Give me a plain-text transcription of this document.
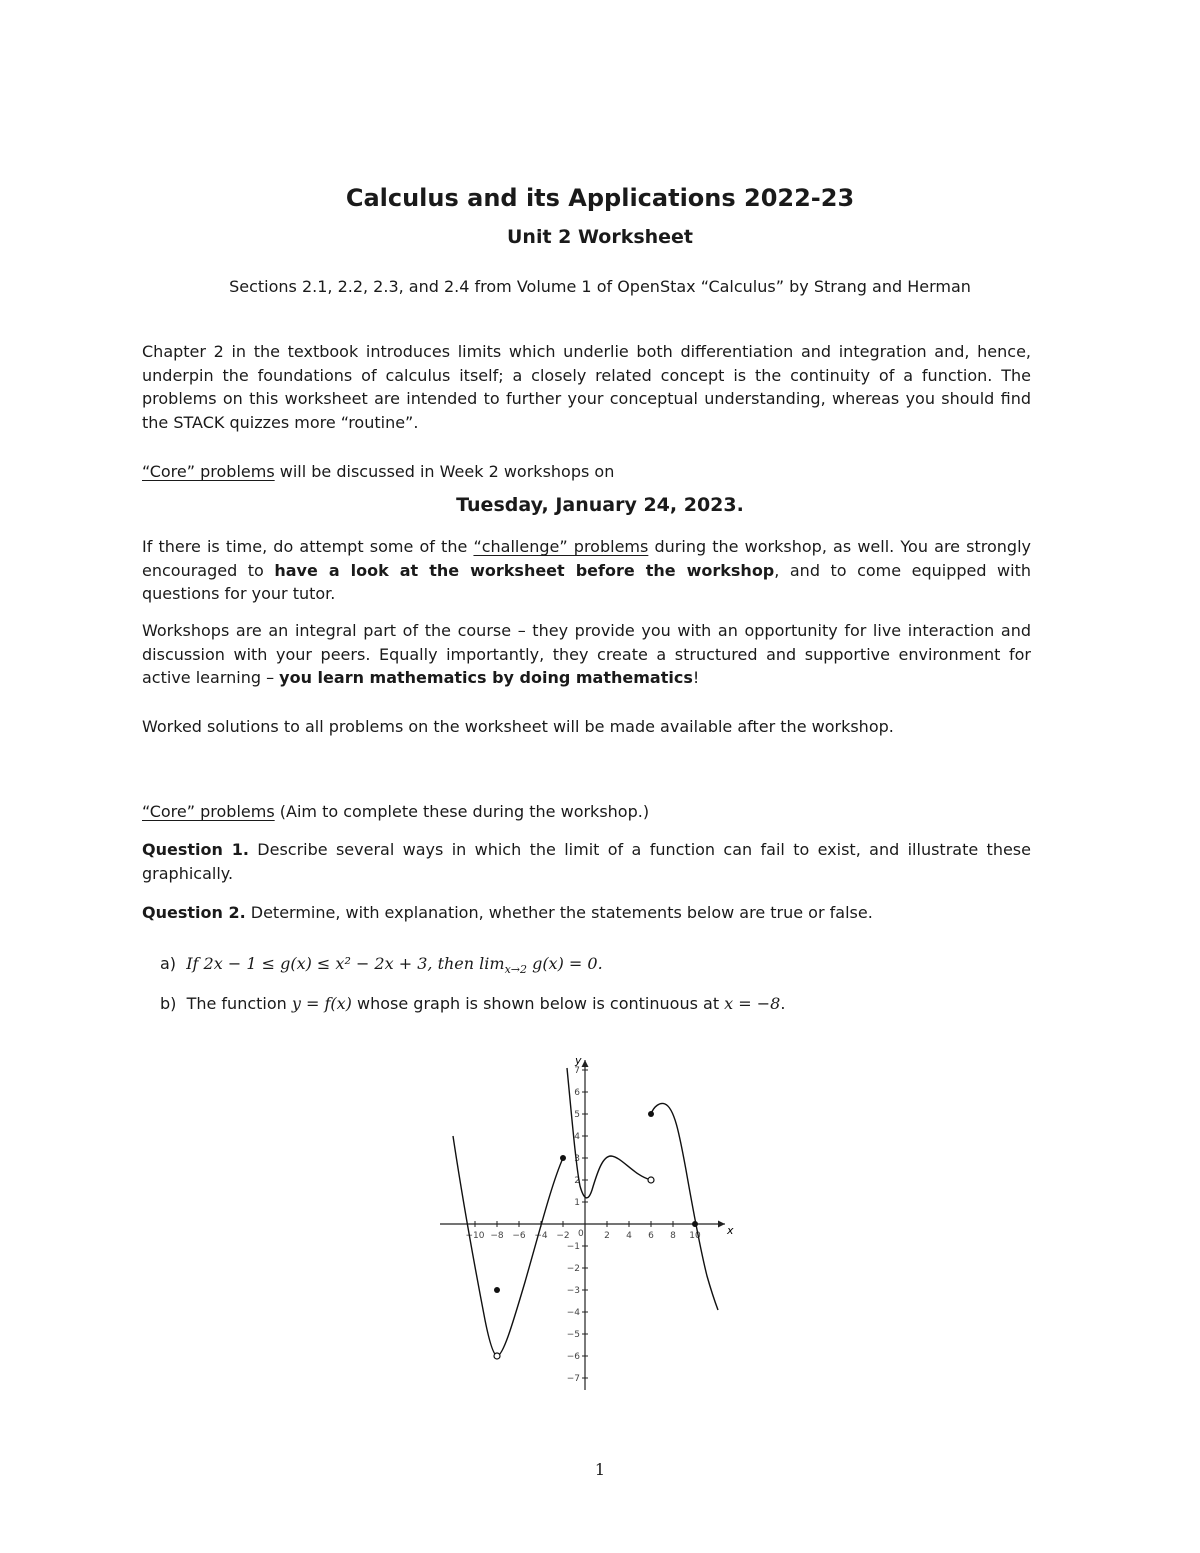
Calculus and its Applications 2022-23
Unit 2 Worksheet
Sections 2.1, 2.2, 2.3, and 2.4 from Volume 1 of OpenStax “Calculus” by Strang and Herman
Chapter 2 in the textbook introduces limits which underlie both differentiation and integration and, hence, underpin the foundations of calculus itself; a closely related concept is the continuity of a function. The problems on this worksheet are intended to further your conceptual understanding, whereas you should find the STACK quizzes more “routine”.
“Core” problems will be discussed in Week 2 workshops on
Tuesday, January 24, 2023.
If there is time, do attempt some of the “challenge” problems during the workshop, as well. You are strongly encouraged to have a look at the worksheet before the workshop, and to come equipped with questions for your tutor.
Workshops are an integral part of the course – they provide you with an opportunity for live interaction and discussion with your peers. Equally importantly, they create a structured and supportive environment for active learning – you learn mathematics by doing mathematics!
Worked solutions to all problems on the worksheet will be made available after the workshop.
“Core” problems (Aim to complete these during the workshop.)
Question 1. Describe several ways in which the limit of a function can fail to exist, and illustrate these graphically.
Question 2. Determine, with explanation, whether the statements below are true or false.
a) If 2x − 1 ≤ g(x) ≤ x² − 2x + 3, then $\lim_{x\to 2} g(x) = 0$.
b) The function y = f(x) whose graph is shown below is continuous at x = −8.
x
y
0
−10 −8 −6 −4 −2	2 4 6 8 10
7
6
5
4
3
2
1
−1
−2
−3
−4
−5
−6
−7
1
